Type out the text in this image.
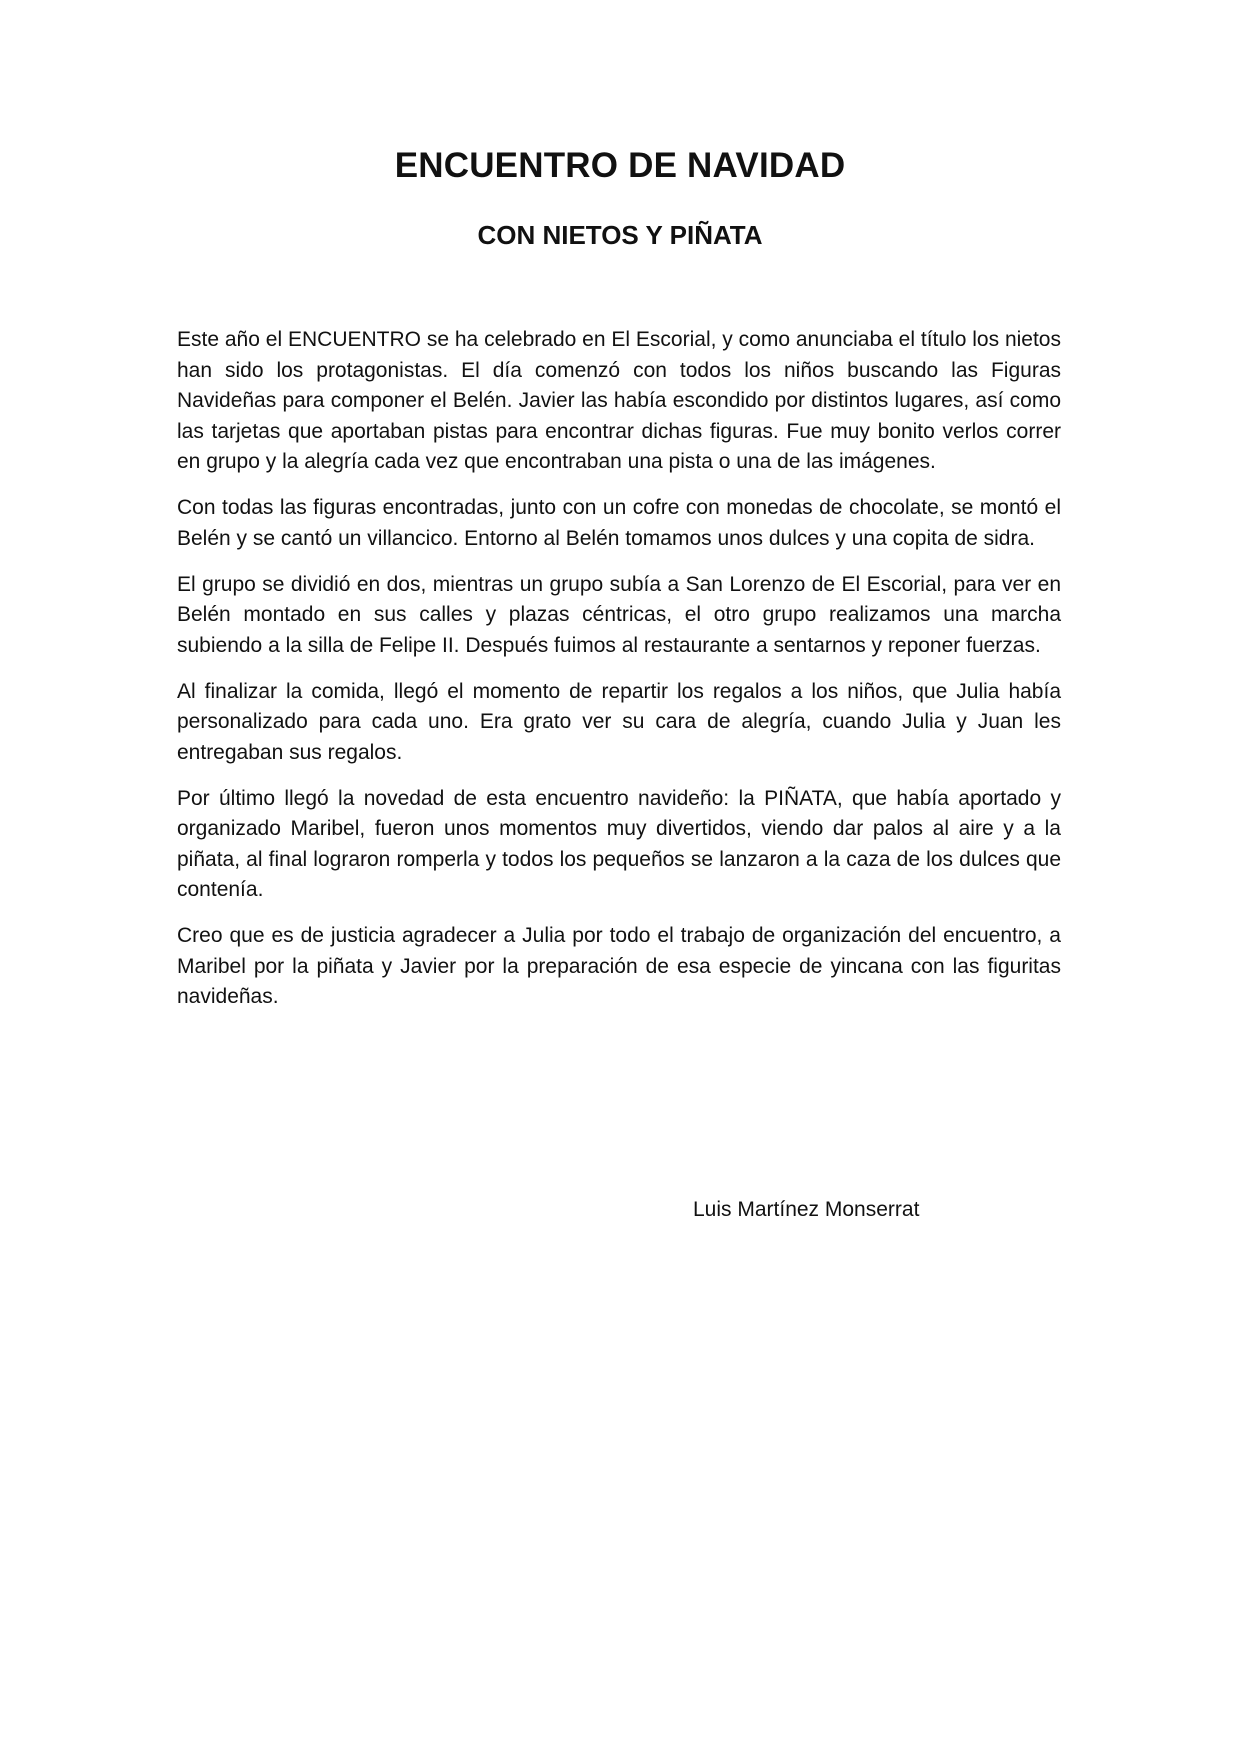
ENCUENTRO DE NAVIDAD
CON NIETOS Y PIÑATA

Este año el ENCUENTRO se ha celebrado en El Escorial, y como anunciaba el título los nietos han sido los protagonistas. El día comenzó con todos los niños buscando las Figuras Navideñas para componer el Belén. Javier las había escondido por distintos lugares, así como las tarjetas que aportaban pistas para encontrar dichas figuras. Fue muy bonito verlos correr en grupo y la alegría cada vez que encontraban una pista o una de las imágenes.

Con todas las figuras encontradas, junto con un cofre con monedas de chocolate, se montó el Belén y se cantó un villancico. Entorno al Belén tomamos unos dulces y una copita de sidra.

El grupo se dividió en dos, mientras un grupo subía a San Lorenzo de El Escorial, para ver en Belén montado en sus calles y plazas céntricas, el otro grupo realizamos una marcha subiendo a la silla de Felipe II. Después fuimos al restaurante a sentarnos y reponer fuerzas.

Al finalizar la comida, llegó el momento de repartir los regalos a los niños, que Julia había personalizado para cada uno. Era grato ver su cara de alegría, cuando Julia y Juan les entregaban sus regalos.

Por último llegó la novedad de esta encuentro navideño: la PIÑATA, que había aportado y organizado Maribel, fueron unos momentos muy divertidos, viendo dar palos al aire y a la piñata, al final lograron romperla y todos los pequeños se lanzaron a la caza de los dulces que contenía.

Creo que es de justicia agradecer a Julia por todo el trabajo de organización del encuentro, a Maribel por la piñata y Javier por la preparación de esa especie de yincana con las figuritas navideñas.

Luis Martínez Monserrat
